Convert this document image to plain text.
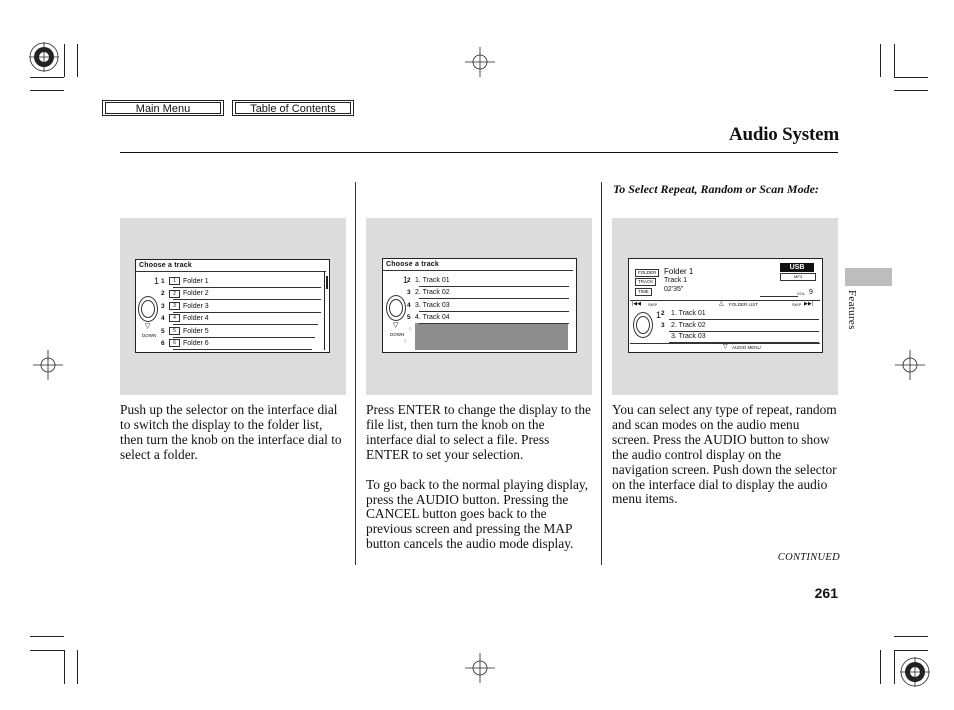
Main Menu	Table of Contents
Audio System
Features
To Select Repeat, Random or Scan Mode:
Choose a track
1
▽
DOWN
1 1 Folder 1
2 2 Folder 2
3 3 Folder 3
4 4 Folder 4
5 5 Folder 5
6 6 Folder 6
Choose a track
1
▽
DOWN
5
6
2 1. Track 01
3 2. Track 02
4 3. Track 03
5 4. Track 04
FOLDER Folder 1
TRACK	Track 1
TIME	02'35"
USB
MP3
VOL 9
|◀◀ SKIP	△ FOLDER LIST	SKIP ▶▶|
1
▽ AUDIO MENU
2 1. Track 01
3 2. Track 02
3. Track 03

Push up the selector on the interface dial to switch the display to the folder list, then turn the knob on the interface dial to select a folder.

Press ENTER to change the display to the file list, then turn the knob on the interface dial to select a file. Press ENTER to set your selection.

To go back to the normal playing display, press the AUDIO button. Pressing the CANCEL button goes back to the previous screen and pressing the MAP button cancels the audio mode display.

You can select any type of repeat, random and scan modes on the audio menu screen. Press the AUDIO button to show the audio control display on the navigation screen. Push down the selector on the interface dial to display the audio menu items.

CONTINUED
261
